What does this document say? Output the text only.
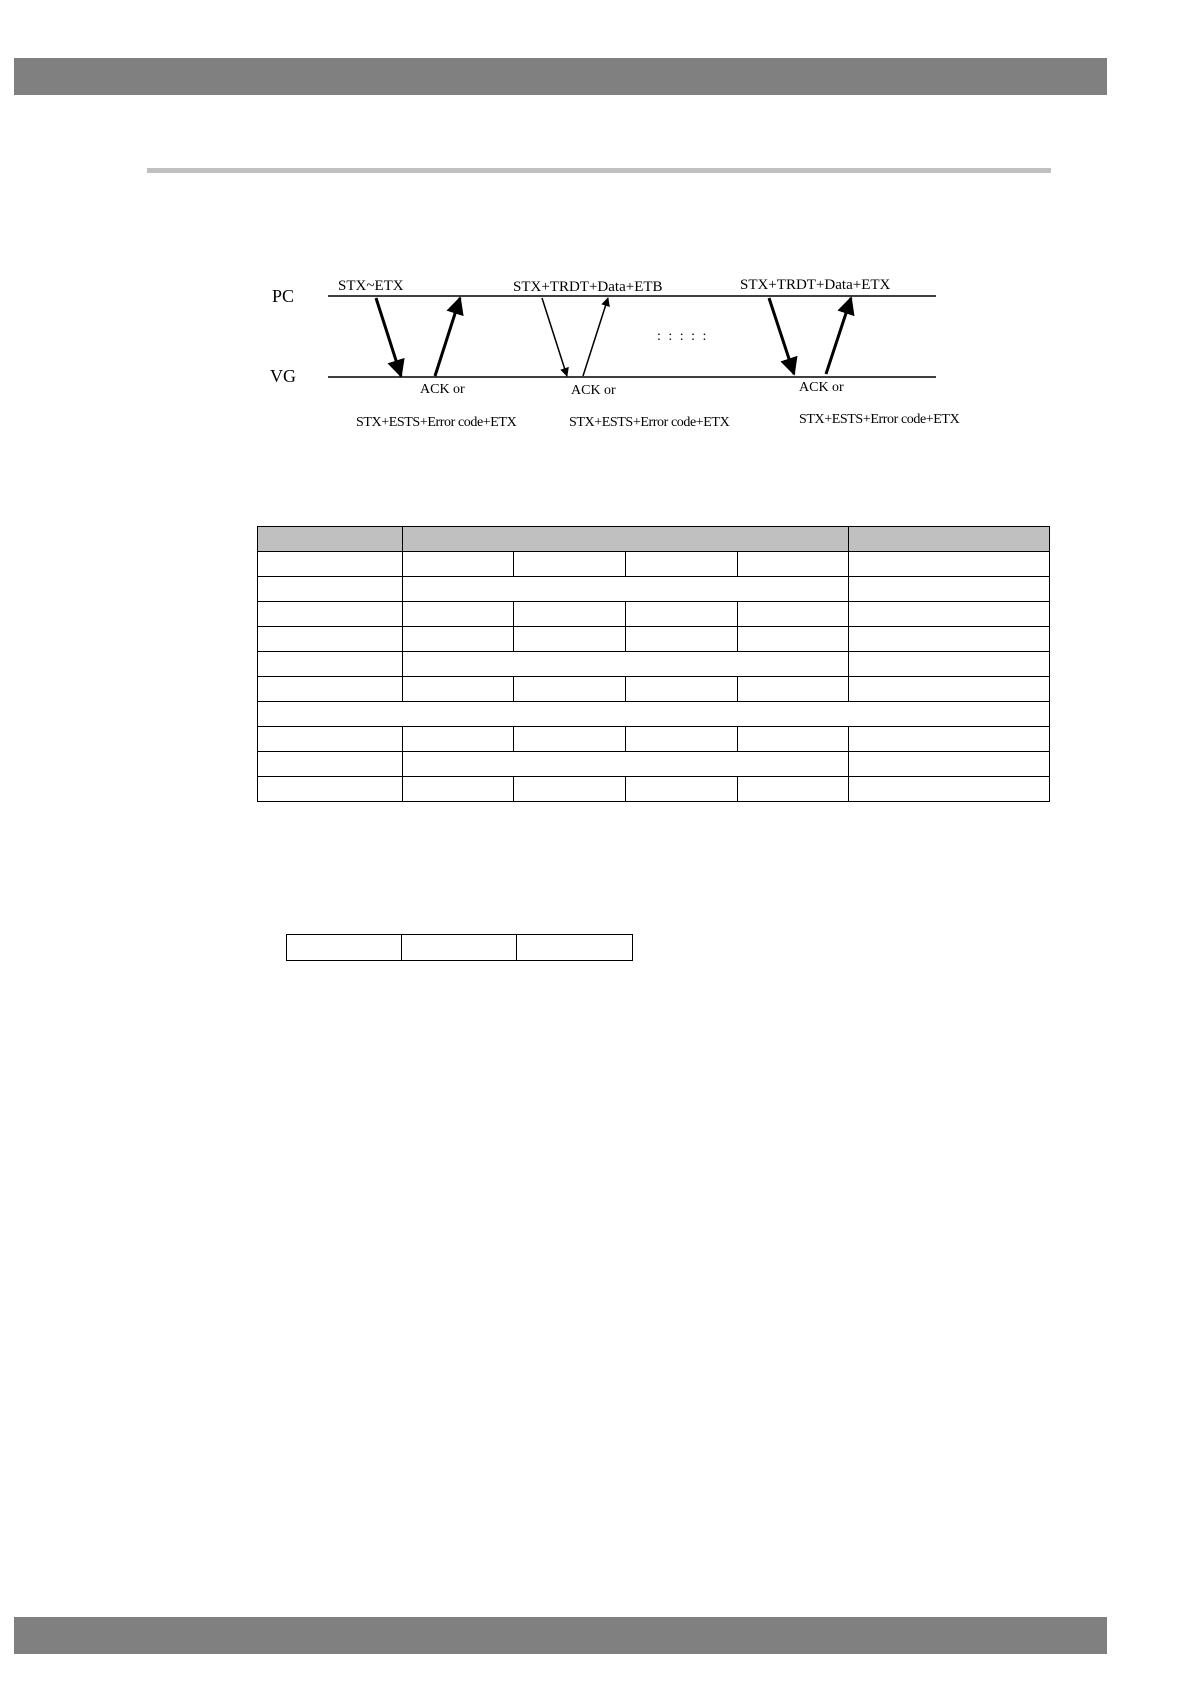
PC
VG
STX~ETX
ACK or
STX+ESTS+Error code+ETX
STX+TRDT+Data+ETB
ACK or
STX+ESTS+Error code+ETX
: : : : :
STX+TRDT+Data+ETX
ACK or
STX+ESTS+Error code+ETX
